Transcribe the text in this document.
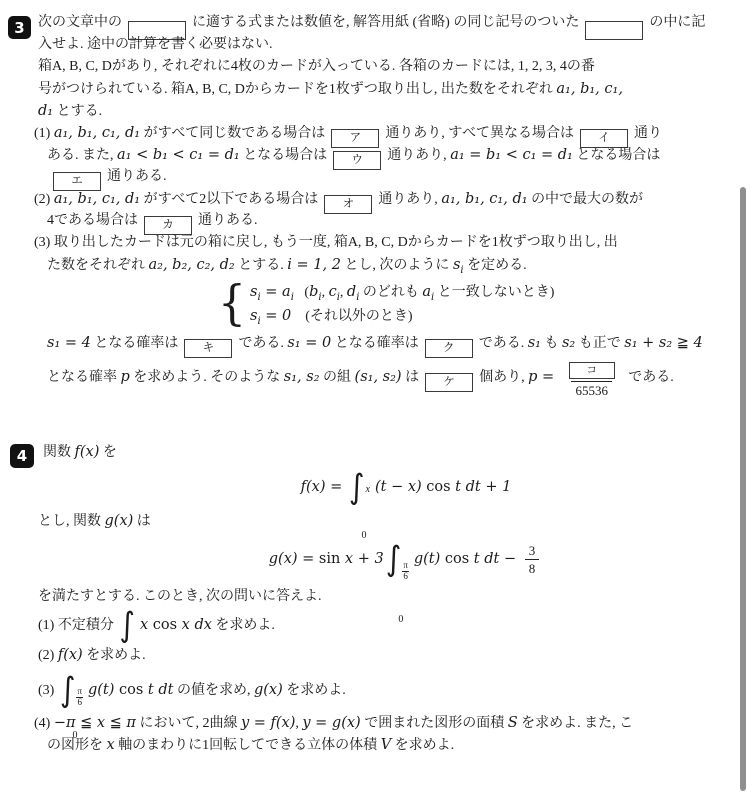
3 次の文章中の	に適する式または数値を, 解答用紙 (省略) の同じ記号のついた	の中に記
入せよ. 途中の計算を書く必要はない.
箱A, B, C, Dがあり, それぞれに4枚のカードが入っている. 各箱のカードには, 1, 2, 3, 4の番
号がつけられている. 箱A, B, C, Dからカードを1枚ずつ取り出し, 出た数をそれぞれ a₁, b₁, c₁,
d₁ とする.
(1) a₁, b₁, c₁, d₁ がすべて同じ数である場合は ア 通りあり, すべて異なる場合は イ 通り
ある. また, a₁ < b₁ < c₁ = d₁ となる場合は ウ 通りあり, a₁ = b₁ < c₁ = d₁ となる場合は
エ 通りある.
(2) a₁, b₁, c₁, d₁ がすべて2以下である場合は オ 通りあり, a₁, b₁, c₁, d₁ の中で最大の数が
4である場合は カ 通りある.
(3) 取り出したカードは元の箱に戻し, もう一度, 箱A, B, C, Dからカードを1枚ずつ取り出し, 出
た数をそれぞれ a₂, b₂, c₂, d₂ とする. i = 1, 2 とし, 次のように $s_i$ を定める.
{ $s_i = a_i$   ($b_i$, $c_i$, $d_i$ のどれも $a_i$ と一致しないとき)
$s_i = 0$    (それ以外のとき)
s₁ = 4 となる確率は キ である. s₁ = 0 となる確率は ク である. s₁ も s₂ も正で s₁ + s₂ ≧ 4
となる確率 p を求めよう. そのような s₁, s₂ の組 (s₁, s₂) は ケ 個あり, $p = \frac{\text{コ}}{65536}$ である.
4	関数 f(x) を
f(x) = ∫ x
0
(t − x) cos t dt + 1
とし, 関数 g(x) は
g(x) = sin x + 3 ∫ $\frac{\pi}{6}$
0
g(t) cos t dt − $\frac{3}{8}$
を満たすとする. このとき, 次の問いに答えよ.
(1) 不定積分 ∫ x cos x dx を求めよ.
(2) f(x) を求めよ.
(3) ∫ $\frac{\pi}{6}$
0
g(t) cos t dt の値を求め, g(x) を求めよ.
(4) −π ≦ x ≦ π において, 2曲線 y = f(x), y = g(x) で囲まれた図形の面積 S を求めよ. また, こ
の図形を x 軸のまわりに1回転してできる立体の体積 V を求めよ.
